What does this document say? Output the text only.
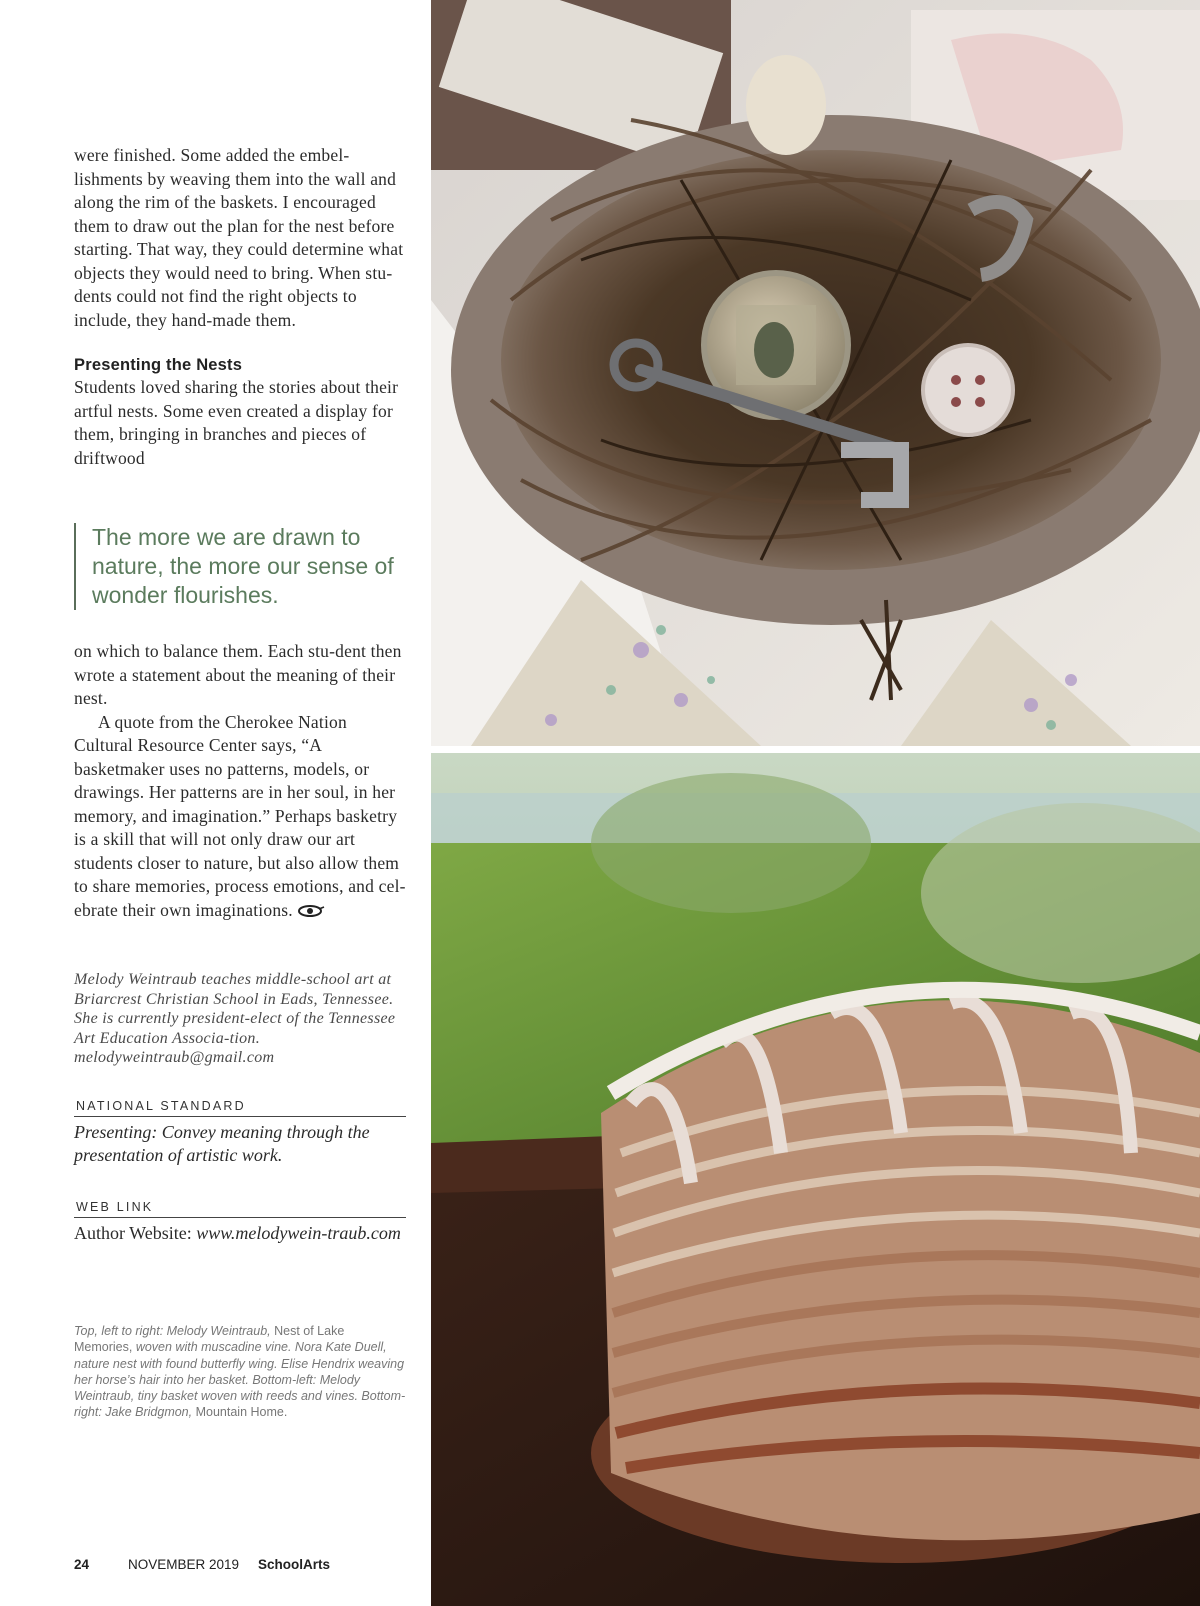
were finished. Some added the embel-lishments by weaving them into the wall and along the rim of the baskets. I encouraged them to draw out the plan for the nest before starting. That way, they could determine what objects they would need to bring. When stu-dents could not find the right objects to include, they hand-made them.

Presenting the Nests

Students loved sharing the stories about their artful nests. Some even created a display for them, bringing in branches and pieces of driftwood

The more we are drawn to nature, the more our sense of wonder flourishes.

on which to balance them. Each stu-dent then wrote a statement about the meaning of their nest.

A quote from the Cherokee Nation Cultural Resource Center says, “A basketmaker uses no patterns, models, or drawings. Her patterns are in her soul, in her memory, and imagination.” Perhaps basketry is a skill that will not only draw our art students closer to nature, but also allow them to share memories, process emotions, and cel-ebrate their own imaginations.

Melody Weintraub teaches middle-school art at Briarcrest Christian School in Eads, Tennessee. She is currently president-elect of the Tennessee Art Education Associa-tion. melodyweintraub@gmail.com
NATIONAL STANDARD
Presenting: Convey meaning through the presentation of artistic work.
WEB LINK
Author Website: www.melodywein-traub.com
Top, left to right: Melody Weintraub, Nest of Lake Memories, woven with muscadine vine. Nora Kate Duell, nature nest with found butterfly wing. Elise Hendrix weaving her horse’s hair into her basket. Bottom-left: Melody Weintraub, tiny basket woven with reeds and vines. Bottom-right: Jake Bridgmon, Mountain Home.
24	NOVEMBER 2019 SchoolArts
